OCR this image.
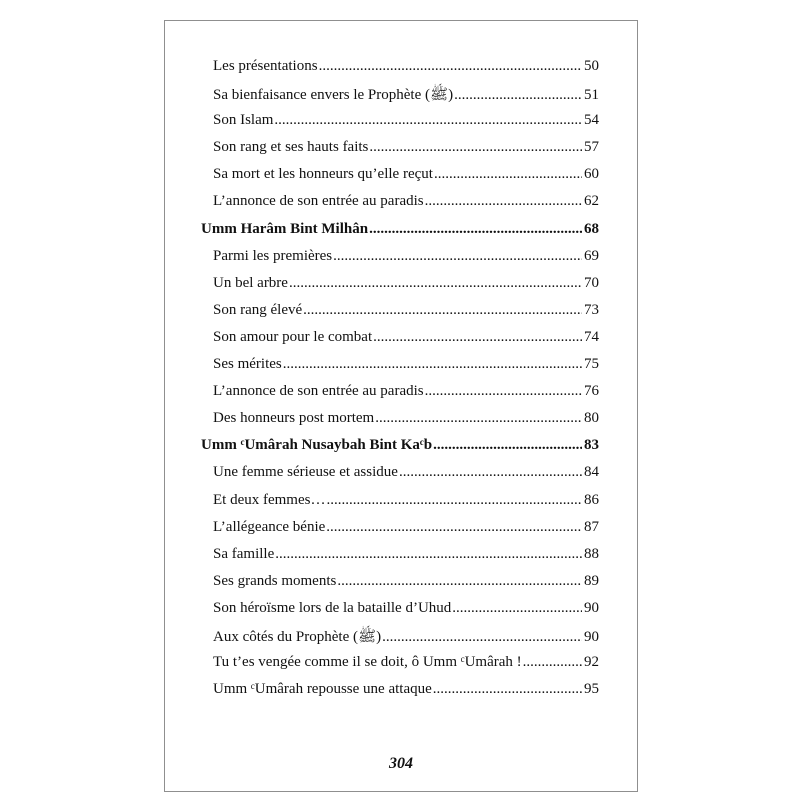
Les présentations .....	50
Sa bienfaisance envers le Prophète (ﷺ) .....	51
Son Islam .....	54
Son rang et ses hauts faits .....	57
Sa mort et les honneurs qu’elle reçut .....	60
L’annonce de son entrée au paradis .....	62
Umm Harâm Bint Milhân .....	68
Parmi les premières .....	69
Un bel arbre .....	70
Son rang élevé .....	73
Son amour pour le combat .....	74
Ses mérites .....	75
L’annonce de son entrée au paradis .....	76
Des honneurs post mortem .....	80
Umm ᶜUmârah Nusaybah Bint Kaᶜb .....	83
Une femme sérieuse et assidue .....	84
Et deux femmes… .....	86
L’allégeance bénie .....	87
Sa famille .....	88
Ses grands moments .....	89
Son héroïsme lors de la bataille d’Uhud .....	90
Aux côtés du Prophète (ﷺ) .....	90
Tu t’es vengée comme il se doit, ô Umm ᶜUmârah ! .....	92
Umm ᶜUmârah repousse une attaque .....	95
304
